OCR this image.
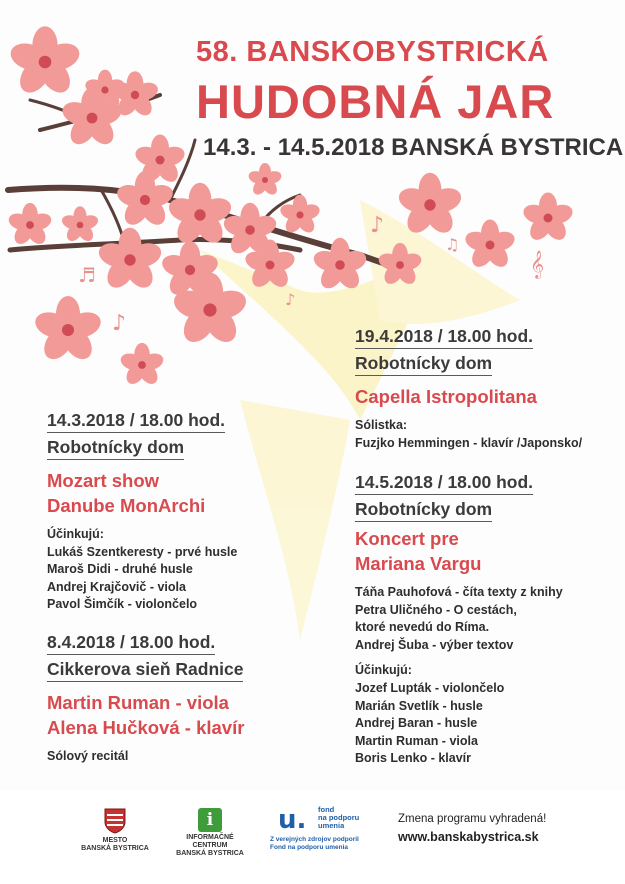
♪
♫
♬
♪
♪
𝄞
58. BANSKOBYSTRICKÁ
HUDOBNÁ JAR
14.3. - 14.5.2018 BANSKÁ BYSTRICA
14.3.2018 / 18.00 hod.
Robotnícky dom
Mozart show
Danube MonArchi
Účinkujú:
Lukáš Szentkeresty - prvé husle
Maroš Didi - druhé husle
Andrej Krajčovič - viola
Pavol Šimčík - violončelo
8.4.2018 / 18.00 hod.
Cikkerova sieň Radnice
Martin Ruman - viola
Alena Hučková - klavír
Sólový recitál
19.4.2018 / 18.00 hod.
Robotnícky dom
Capella Istropolitana
Sólistka:
Fuzjko Hemmingen - klavír /Japonsko/
14.5.2018 / 18.00 hod.
Robotnícky dom
Koncert pre
Mariana Vargu
Táňa Pauhofová - číta texty z knihy
Petra Uličného - O cestách,
ktoré nevedú do Ríma.
Andrej Šuba - výber textov
Účinkujú:
Jozef Lupták - violončelo
Marián Svetlík - husle
Andrej Baran - husle
Martin Ruman - viola
Boris Lenko - klavír
MESTO
BANSKÁ BYSTRICA
i
INFORMAČNÉ CENTRUM
BANSKÁ BYSTRICA
u. fond
na podporu
umenia
Z verejných zdrojov podporil
Fond na podporu umenia
Zmena programu vyhradená!
www.banskabystrica.sk
